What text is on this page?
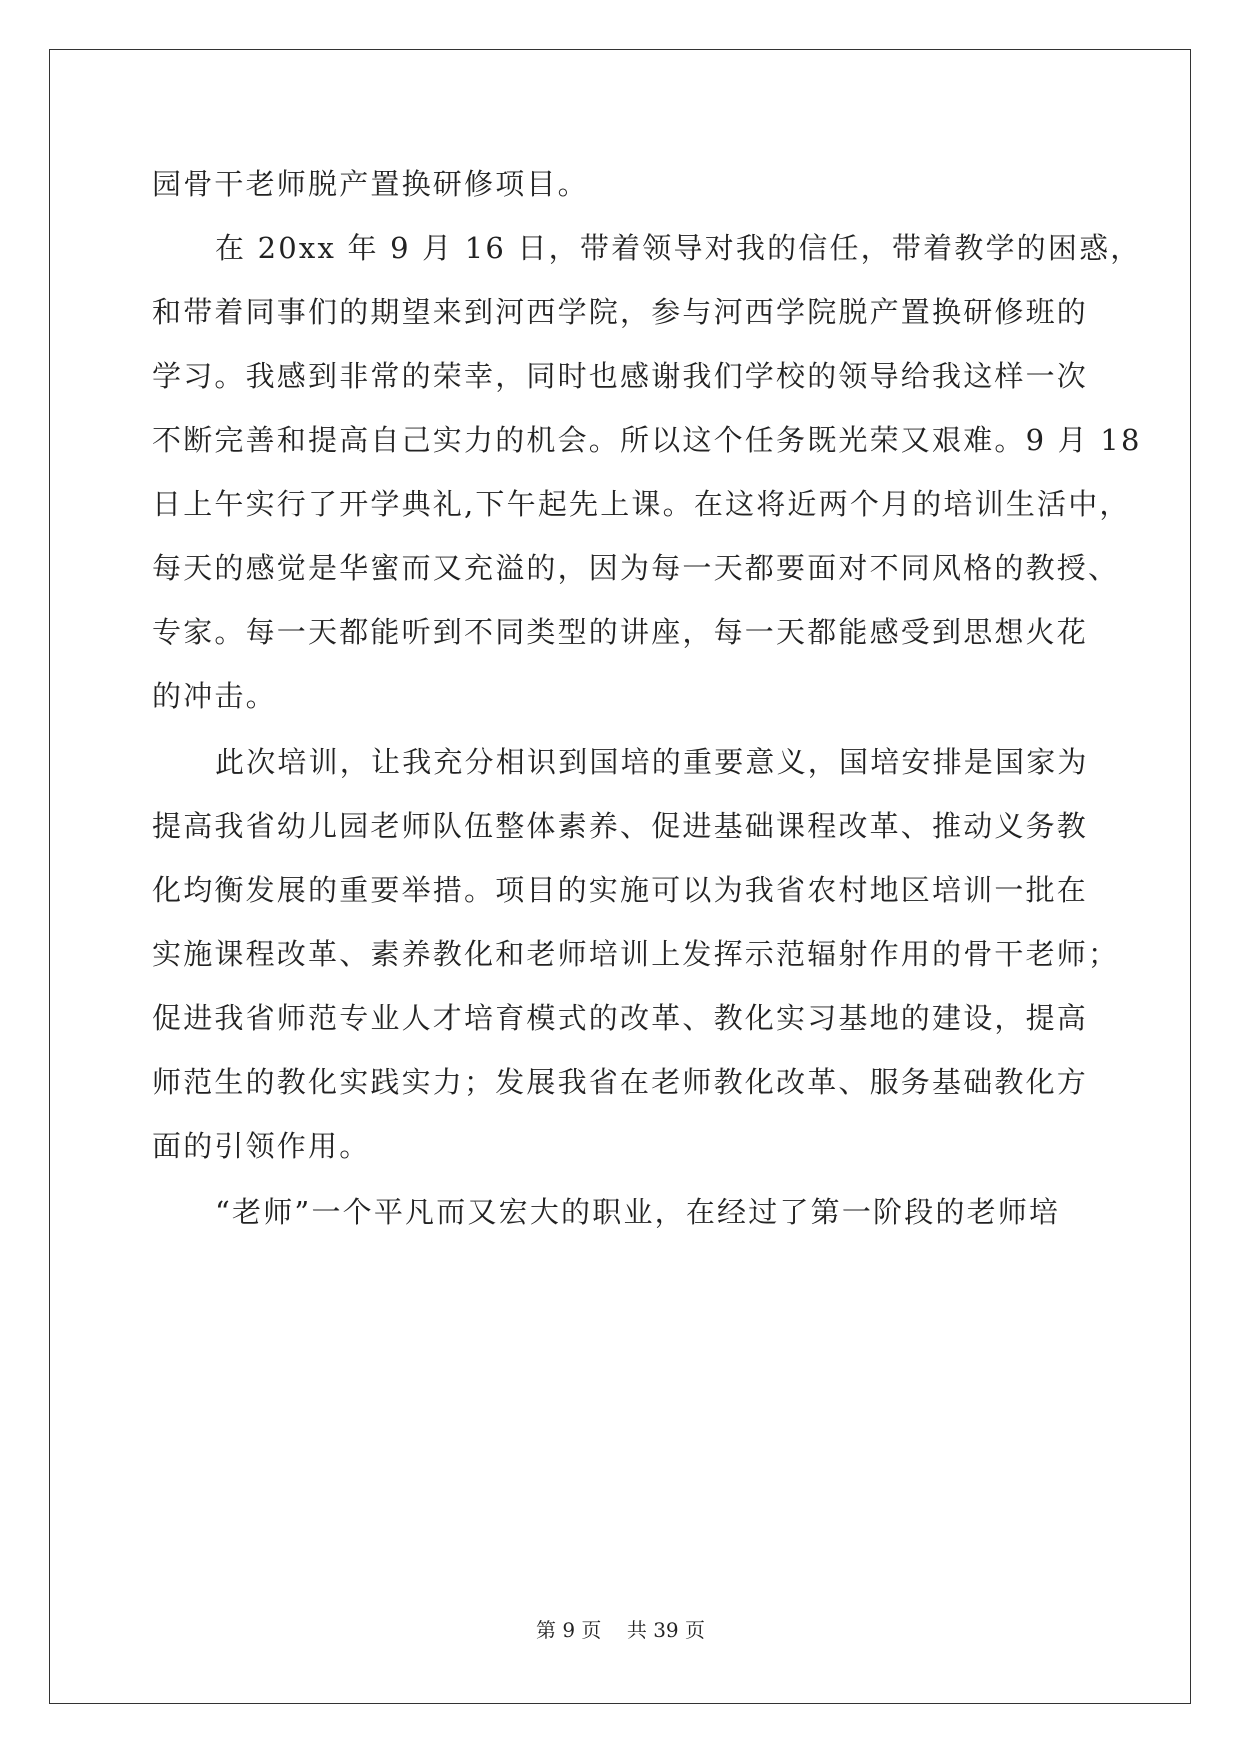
园骨干老师脱产置换研修项目。
在 20xx 年 9 月 16 日，带着领导对我的信任，带着教学的困惑，
和带着同事们的期望来到河西学院，参与河西学院脱产置换研修班的
学习。我感到非常的荣幸，同时也感谢我们学校的领导给我这样一次
不断完善和提高自己实力的机会。所以这个任务既光荣又艰难。9 月 18
日上午实行了开学典礼,下午起先上课。在这将近两个月的培训生活中，
每天的感觉是华蜜而又充溢的，因为每一天都要面对不同风格的教授、
专家。每一天都能听到不同类型的讲座，每一天都能感受到思想火花
的冲击。
此次培训，让我充分相识到国培的重要意义，国培安排是国家为
提高我省幼儿园老师队伍整体素养、促进基础课程改革、推动义务教
化均衡发展的重要举措。项目的实施可以为我省农村地区培训一批在
实施课程改革、素养教化和老师培训上发挥示范辐射作用的骨干老师；
促进我省师范专业人才培育模式的改革、教化实习基地的建设，提高
师范生的教化实践实力；发展我省在老师教化改革、服务基础教化方
面的引领作用。
“老师”一个平凡而又宏大的职业，在经过了第一阶段的老师培
第 9 页    共 39 页
